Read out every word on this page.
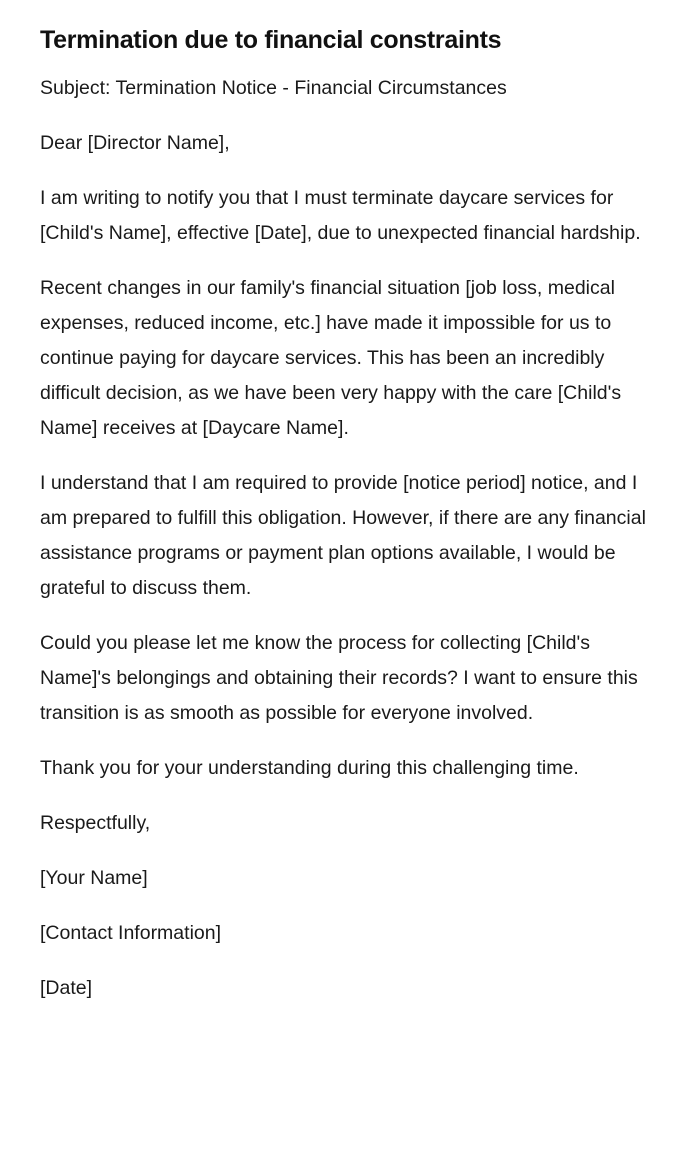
Termination due to financial constraints

Subject: Termination Notice - Financial Circumstances

Dear [Director Name],

I am writing to notify you that I must terminate daycare services for [Child's Name], effective [Date], due to unexpected financial hardship.

Recent changes in our family's financial situation [job loss, medical expenses, reduced income, etc.] have made it impossible for us to continue paying for daycare services. This has been an incredibly difficult decision, as we have been very happy with the care [Child's Name] receives at [Daycare Name].

I understand that I am required to provide [notice period] notice, and I am prepared to fulfill this obligation. However, if there are any financial assistance programs or payment plan options available, I would be grateful to discuss them.

Could you please let me know the process for collecting [Child's Name]'s belongings and obtaining their records? I want to ensure this transition is as smooth as possible for everyone involved.

Thank you for your understanding during this challenging time.

Respectfully,

[Your Name]

[Contact Information]

[Date]
